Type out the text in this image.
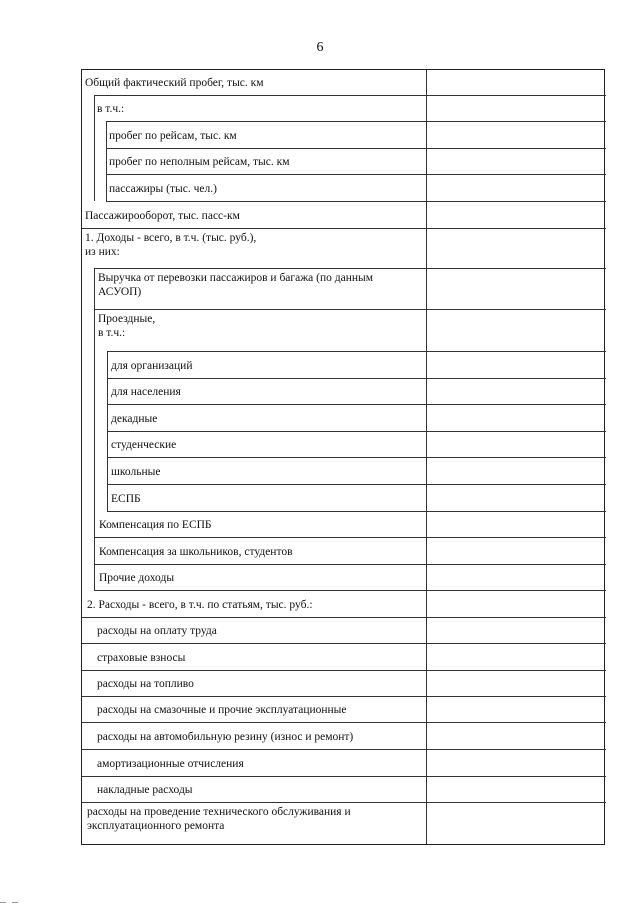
6
Общий фактический пробег, тыс. км
в т.ч.:
пробег по рейсам, тыс. км
пробег по неполным рейсам, тыс. км
пассажиры (тыс. чел.)
Пассажирооборот, тыс. пасс-км
1. Доходы - всего, в т.ч. (тыс. руб.),
из них:
Выручка от перевозки пассажиров и багажа (по данным
АСУОП)
Проездные,
в т.ч.:
для организаций
для населения
декадные
студенческие
школьные
ЕСПБ
Компенсация по ЕСПБ
Компенсация за школьников, студентов
Прочие доходы
2. Расходы - всего, в т.ч. по статьям, тыс. руб.:
расходы на оплату труда
страховые взносы
расходы на топливо
расходы на смазочные и прочие эксплуатационные
расходы на автомобильную резину (износ и ремонт)
амортизационные отчисления
накладные расходы
расходы на проведение технического обслуживания и
эксплуатационного ремонта
— —
